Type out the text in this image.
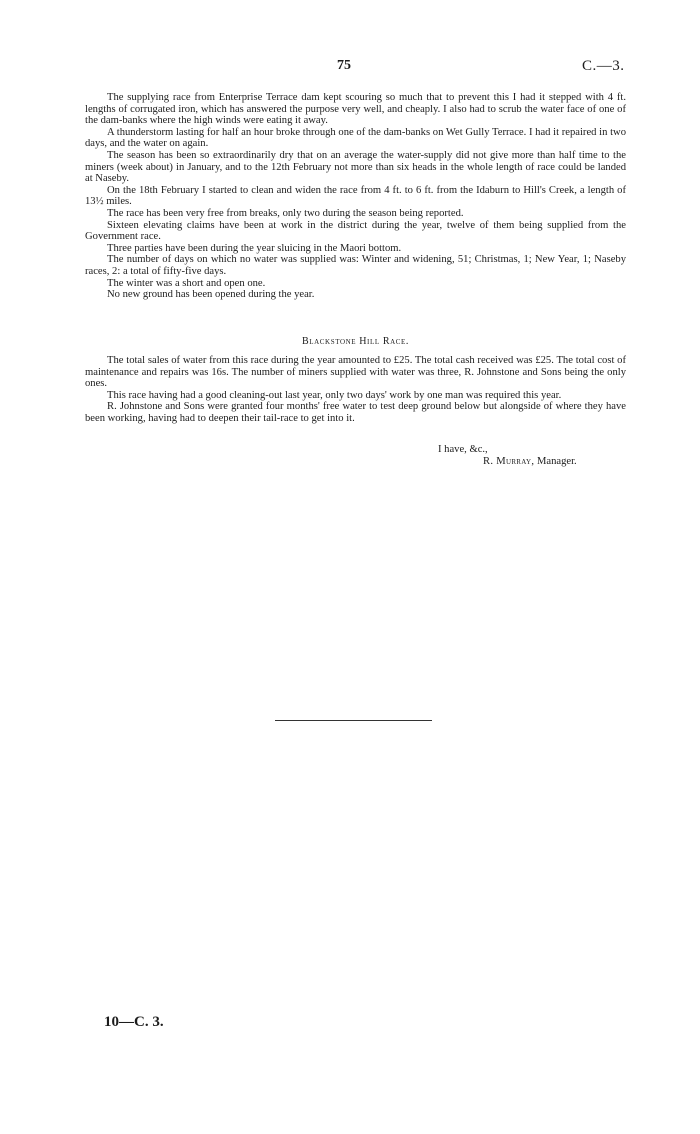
75	C.—3.

The supplying race from Enterprise Terrace dam kept scouring so much that to prevent this I had it stepped with 4 ft. lengths of corrugated iron, which has answered the purpose very well, and cheaply. I also had to scrub the water face of one of the dam-banks where the high winds were eating it away.

A thunderstorm lasting for half an hour broke through one of the dam-banks on Wet Gully Terrace. I had it repaired in two days, and the water on again.

The season has been so extraordinarily dry that on an average the water-supply did not give more than half time to the miners (week about) in January, and to the 12th February not more than six heads in the whole length of race could be landed at Naseby.

On the 18th February I started to clean and widen the race from 4 ft. to 6 ft. from the Idaburn to Hill's Creek, a length of 13½ miles.

The race has been very free from breaks, only two during the season being reported.

Sixteen elevating claims have been at work in the district during the year, twelve of them being supplied from the Government race.

Three parties have been during the year sluicing in the Maori bottom.

The number of days on which no water was supplied was: Winter and widening, 51; Christmas, 1; New Year, 1; Naseby races, 2: a total of fifty-five days.

The winter was a short and open one.

No new ground has been opened during the year.

Blackstone Hill Race.

The total sales of water from this race during the year amounted to £25. The total cash received was £25. The total cost of maintenance and repairs was 16s. The number of miners supplied with water was three, R. Johnstone and Sons being the only ones.

This race having had a good cleaning-out last year, only two days' work by one man was required this year.

R. Johnstone and Sons were granted four months' free water to test deep ground below but alongside of where they have been working, having had to deepen their tail-race to get into it.

I have, &c.,
R. Murray, Manager.
10—C. 3.
